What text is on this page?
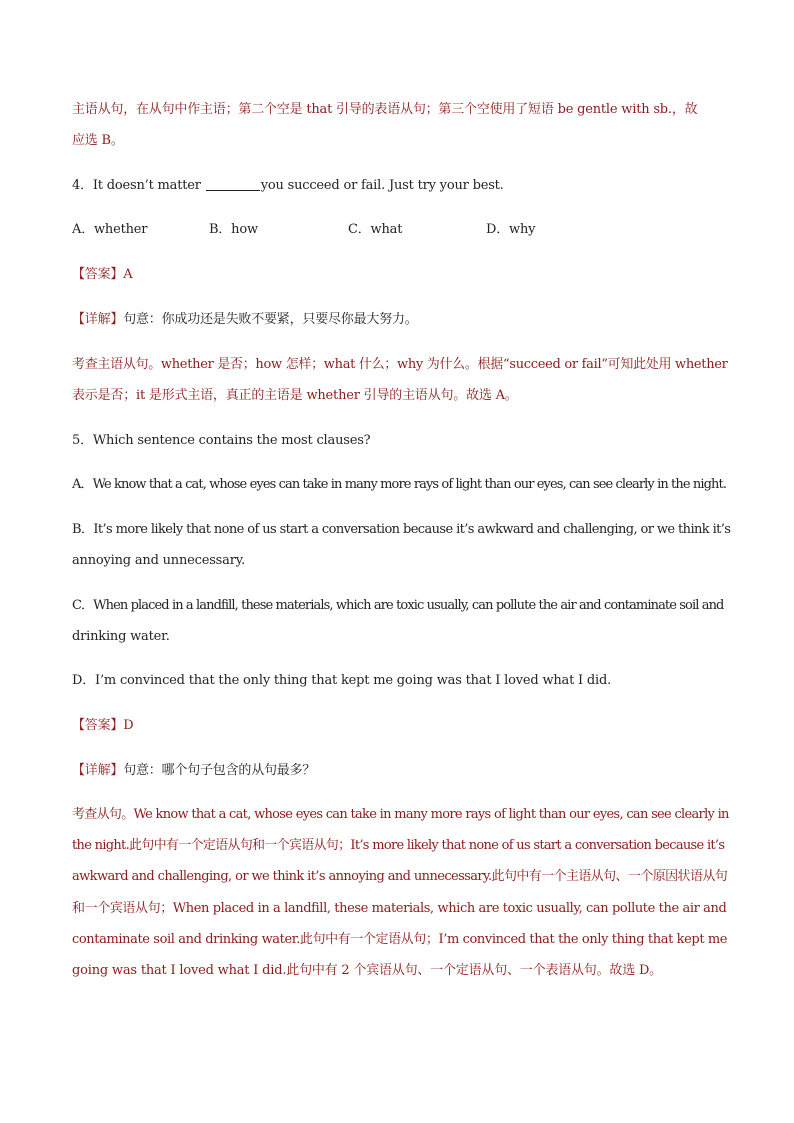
主语从句，在从句中作主语；第二个空是 that 引导的表语从句；第三个空使用了短语 be gentle with sb.，故
应选 B。
4．It doesn’t matter	you succeed or fail. Just try your best.
A．whether	B．how	C．what	D．why
【答案】A
【详解】句意：你成功还是失败不要紧，只要尽你最大努力。
考查主语从句。whether 是否；how 怎样；what 什么；why 为什么。根据“succeed or fail”可知此处用 whether
表示是否；it 是形式主语，真正的主语是 whether 引导的主语从句。故选 A。
5．Which sentence contains the most clauses?
A．We know that a cat, whose eyes can take in many more rays of light than our eyes, can see clearly in the night.
B．It’s more likely that none of us start a conversation because it’s awkward and challenging, or we think it’s
annoying and unnecessary.
C．When placed in a landfill, these materials, which are toxic usually, can pollute the air and contaminate soil and
drinking water.
D．I’m convinced that the only thing that kept me going was that I loved what I did.
【答案】D
【详解】句意：哪个句子包含的从句最多？
考查从句。We know that a cat, whose eyes can take in many more rays of light than our eyes, can see clearly in
the night.此句中有一个定语从句和一个宾语从句；It’s more likely that none of us start a conversation because it’s
awkward and challenging, or we think it’s annoying and unnecessary.此句中有一个主语从句、一个原因状语从句
和一个宾语从句；When placed in a landfill, these materials, which are toxic usually, can pollute the air and
contaminate soil and drinking water.此句中有一个定语从句；I’m convinced that the only thing that kept me
going was that I loved what I did.此句中有 2 个宾语从句、一个定语从句、一个表语从句。故选 D。
